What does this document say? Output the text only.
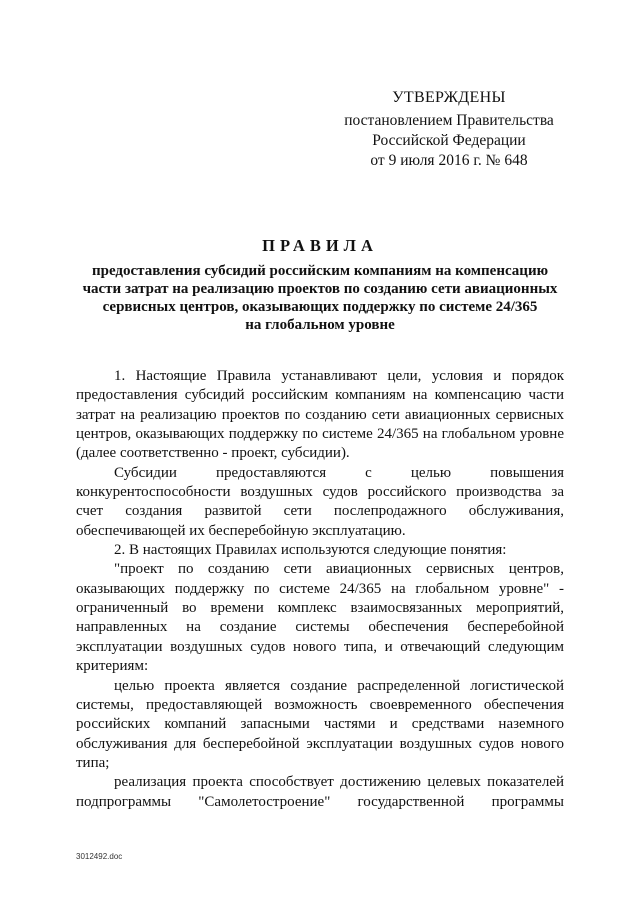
УТВЕРЖДЕНЫ
постановлением Правительства
Российской Федерации
от 9 июля 2016 г. № 648
ПРАВИЛА
предоставления субсидий российским компаниям на компенсацию
части затрат на реализацию проектов по созданию сети авиационных
сервисных центров, оказывающих поддержку по системе 24/365
на глобальном уровне

1. Настоящие Правила устанавливают цели, условия и порядок предоставления субсидий российским компаниям на компенсацию части затрат на реализацию проектов по созданию сети авиационных сервисных центров, оказывающих поддержку по системе 24/365 на глобальном уровне (далее соответственно - проект, субсидии).

Субсидии предоставляются с целью повышения конкурентоспособности воздушных судов российского производства за счет создания развитой сети послепродажного обслуживания, обеспечивающей их бесперебойную эксплуатацию.

2. В настоящих Правилах используются следующие понятия:

"проект по созданию сети авиационных сервисных центров, оказывающих поддержку по системе 24/365 на глобальном уровне" - ограниченный во времени комплекс взаимосвязанных мероприятий, направленных на создание системы обеспечения бесперебойной эксплуатации воздушных судов нового типа, и отвечающий следующим критериям:

целью проекта является создание распределенной логистической системы, предоставляющей возможность своевременного обеспечения российских компаний запасными частями и средствами наземного обслуживания для бесперебойной эксплуатации воздушных судов нового типа;

реализация проекта способствует достижению целевых показателей подпрограммы "Самолетостроение" государственной программы

3012492.doc
